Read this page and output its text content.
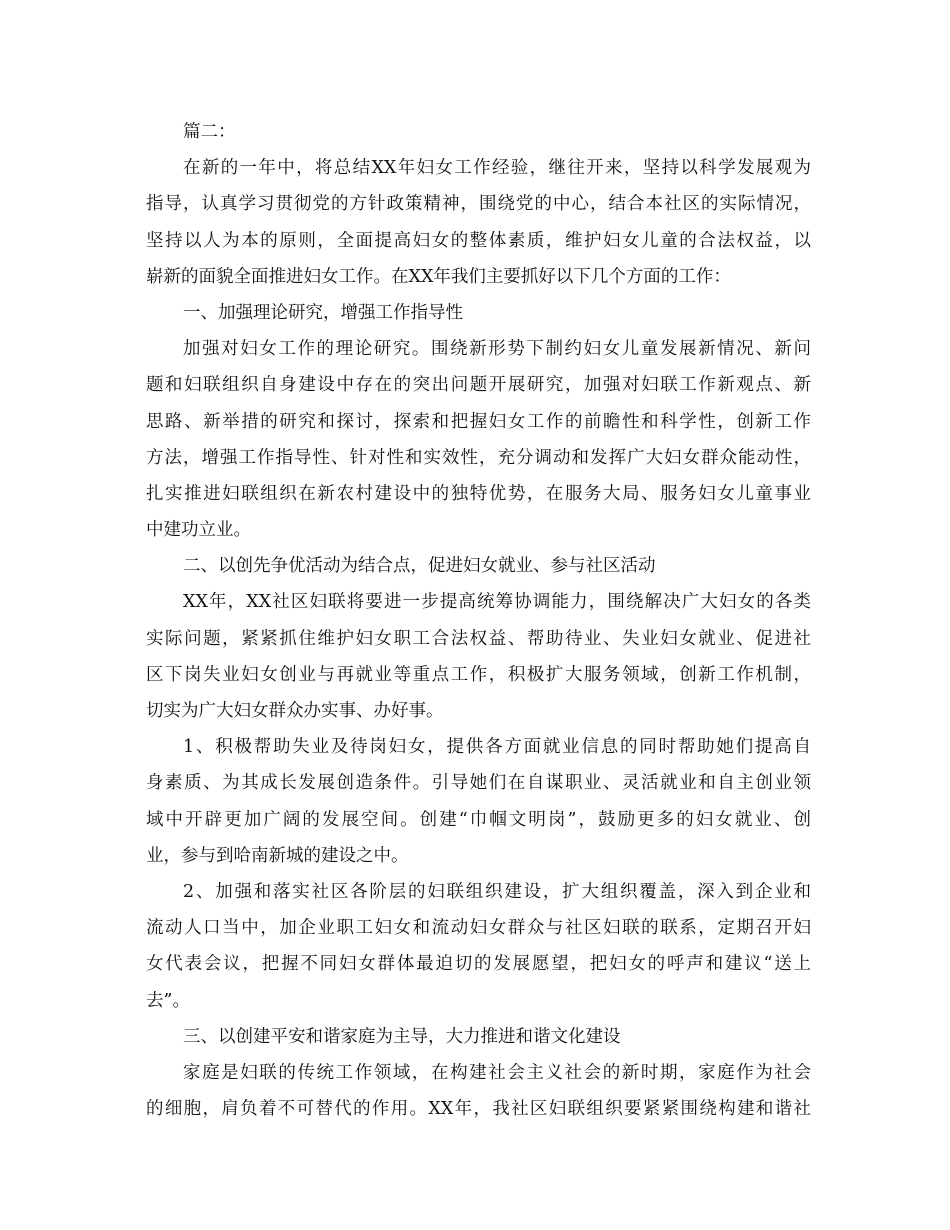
篇二：
在新的一年中，将总结XX年妇女工作经验，继往开来，坚持以科学发展观为
指导，认真学习贯彻党的方针政策精神，围绕党的中心，结合本社区的实际情况，
坚持以人为本的原则，全面提高妇女的整体素质，维护妇女儿童的合法权益，以
崭新的面貌全面推进妇女工作。在XX年我们主要抓好以下几个方面的工作：
一、加强理论研究，增强工作指导性
加强对妇女工作的理论研究。围绕新形势下制约妇女儿童发展新情况、新问
题和妇联组织自身建设中存在的突出问题开展研究，加强对妇联工作新观点、新
思路、新举措的研究和探讨，探索和把握妇女工作的前瞻性和科学性，创新工作
方法，增强工作指导性、针对性和实效性，充分调动和发挥广大妇女群众能动性，
扎实推进妇联组织在新农村建设中的独特优势，在服务大局、服务妇女儿童事业
中建功立业。
二、以创先争优活动为结合点，促进妇女就业、参与社区活动
XX年，XX社区妇联将要进一步提高统筹协调能力，围绕解决广大妇女的各类
实际问题，紧紧抓住维护妇女职工合法权益、帮助待业、失业妇女就业、促进社
区下岗失业妇女创业与再就业等重点工作，积极扩大服务领域，创新工作机制，
切实为广大妇女群众办实事、办好事。
1、积极帮助失业及待岗妇女，提供各方面就业信息的同时帮助她们提高自
身素质、为其成长发展创造条件。引导她们在自谋职业、灵活就业和自主创业领
域中开辟更加广阔的发展空间。创建“巾帼文明岗”，鼓励更多的妇女就业、创
业，参与到哈南新城的建设之中。
2、加强和落实社区各阶层的妇联组织建设，扩大组织覆盖，深入到企业和
流动人口当中，加企业职工妇女和流动妇女群众与社区妇联的联系，定期召开妇
女代表会议，把握不同妇女群体最迫切的发展愿望，把妇女的呼声和建议“送上
去”。
三、以创建平安和谐家庭为主导，大力推进和谐文化建设
家庭是妇联的传统工作领域，在构建社会主义社会的新时期，家庭作为社会
的细胞，肩负着不可替代的作用。XX年，我社区妇联组织要紧紧围绕构建和谐社
